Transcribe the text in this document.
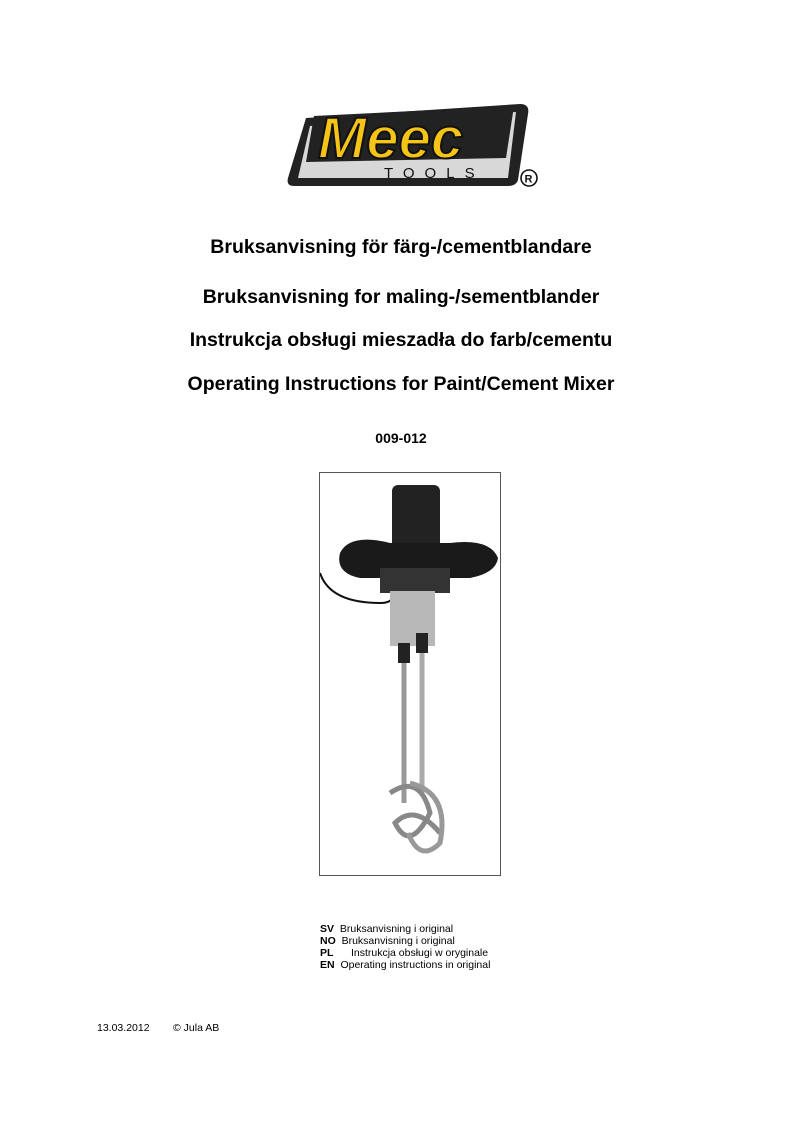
Meec
TOOLS	R
Bruksanvisning för färg-/cementblandare
Bruksanvisning for maling-/sementblander
Instrukcja obsługi mieszadła do farb/cementu
Operating Instructions for Paint/Cement Mixer
009-012
SV Bruksanvisning i original
NO Bruksanvisning i original
PL Instrukcja obsługi w oryginale
EN Operating instructions in original
13.03.2012 © Jula AB
